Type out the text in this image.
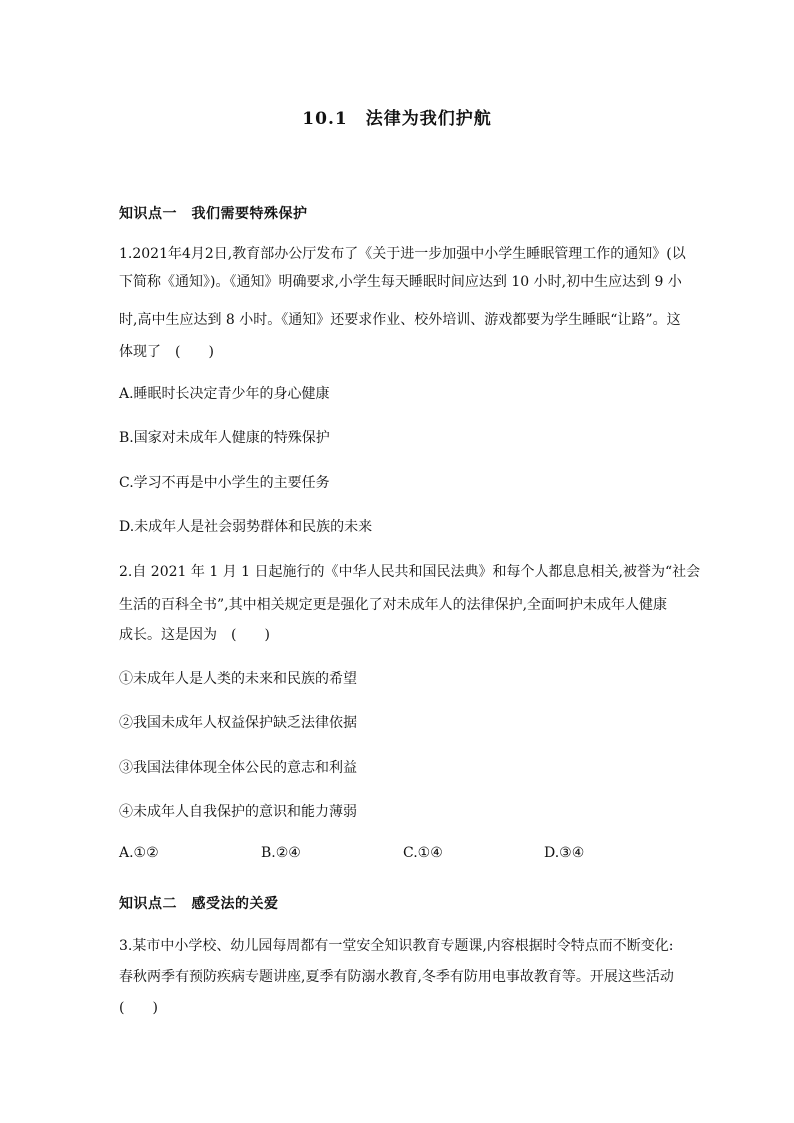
10.1　法律为我们护航
知识点一　我们需要特殊保护
1.2021年4月2日,教育部办公厅发布了《关于进一步加强中小学生睡眠管理工作的通知》(以
下简称《通知》)。《通知》明确要求,小学生每天睡眠时间应达到 10 小时,初中生应达到 9 小
时,高中生应达到 8 小时。《通知》还要求作业、校外培训、游戏都要为学生睡眠“让路”。这
体现了　(　　)
A.睡眠时长决定青少年的身心健康
B.国家对未成年人健康的特殊保护
C.学习不再是中小学生的主要任务
D.未成年人是社会弱势群体和民族的未来
2.自 2021 年 1 月 1 日起施行的《中华人民共和国民法典》和每个人都息息相关,被誉为“社会
生活的百科全书”,其中相关规定更是强化了对未成年人的法律保护,全面呵护未成年人健康
成长。这是因为　(　　)
①未成年人是人类的未来和民族的希望
②我国未成年人权益保护缺乏法律依据
③我国法律体现全体公民的意志和利益
④未成年人自我保护的意识和能力薄弱
A.①②	B.②④	C.①④	D.③④
知识点二　感受法的关爱
3.某市中小学校、幼儿园每周都有一堂安全知识教育专题课,内容根据时令特点而不断变化:
春秋两季有预防疾病专题讲座,夏季有防溺水教育,冬季有防用电事故教育等。开展这些活动
(　　)
